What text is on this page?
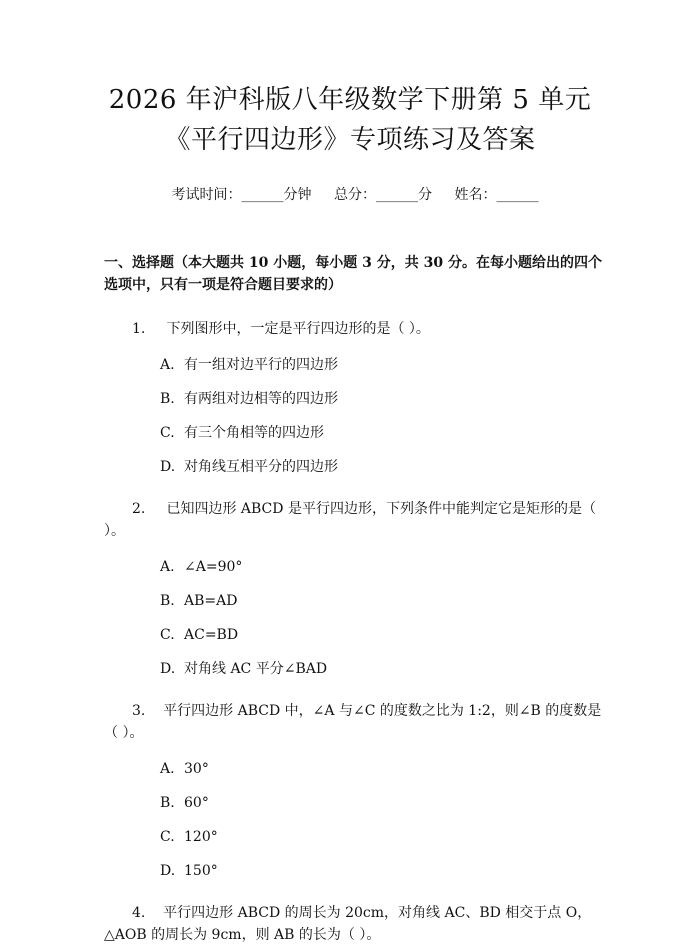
2026 年沪科版八年级数学下册第 5 单元《平行四边形》专项练习及答案
考试时间：______分钟 总分：______分 姓名：______
一、选择题（本大题共 10 小题，每小题 3 分，共 30 分。在每小题给出的四个选项中，只有一项是符合题目要求的）
1. 下列图形中，一定是平行四边形的是（ ）。
A. 有一组对边平行的四边形
B. 有两组对边相等的四边形
C. 有三个角相等的四边形
D. 对角线互相平分的四边形
2. 已知四边形 ABCD 是平行四边形，下列条件中能判定它是矩形的是（ ）。
A. ∠A=90°
B. AB=AD
C. AC=BD
D. 对角线 AC 平分∠BAD
3. 平行四边形 ABCD 中，∠A 与∠C 的度数之比为 1:2，则∠B 的度数是（ ）。
A. 30°
B. 60°
C. 120°
D. 150°
4. 平行四边形 ABCD 的周长为 20cm，对角线 AC、BD 相交于点 O，△AOB 的周长为 9cm，则 AB 的长为（ ）。
